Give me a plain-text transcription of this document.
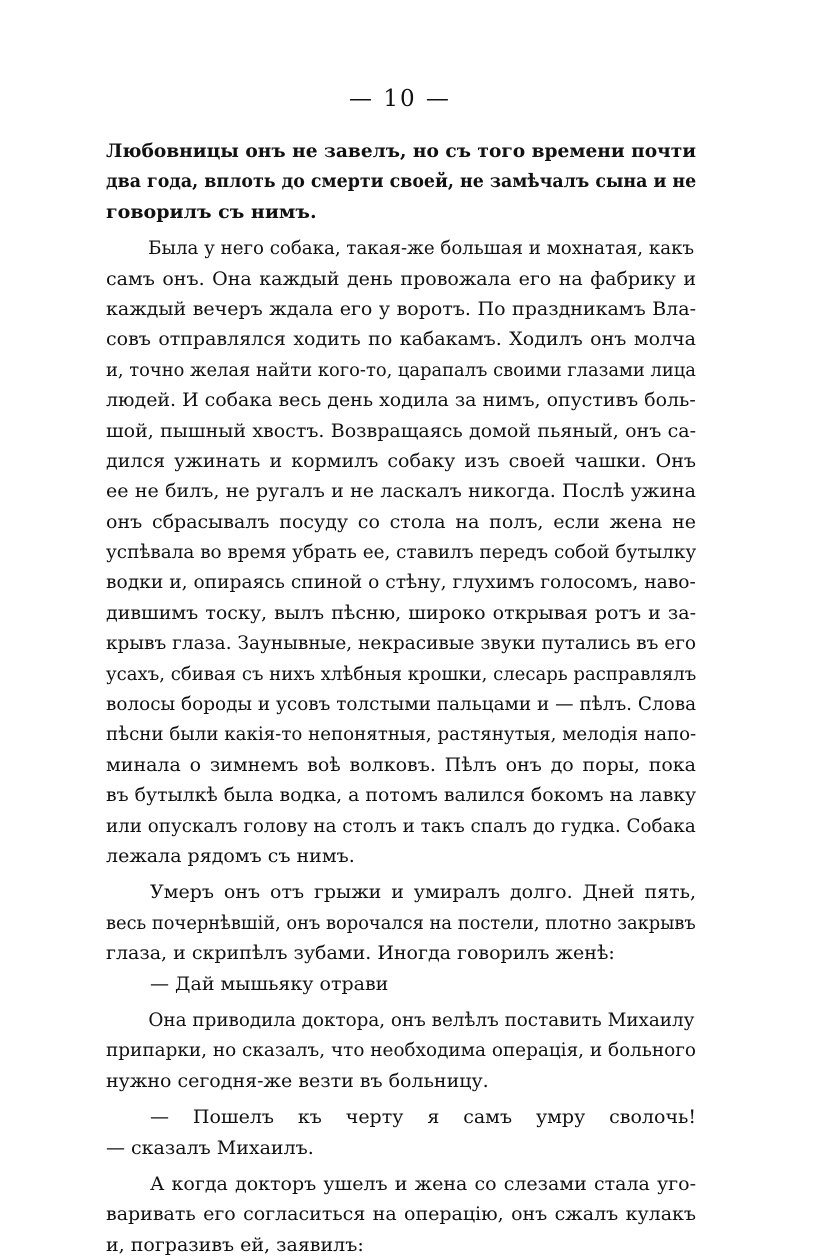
— 10 —
Любовницы онъ не завелъ, но съ того времени почти
два года, вплоть до смерти своей, не замѣчалъ сына и не
говорилъ съ нимъ.
Была у него собака, такая-же большая и мохнатая, какъ
самъ онъ. Она каждый день провожала его на фабрику и
каждый вечеръ ждала его у воротъ. По праздникамъ Вла-
совъ отправлялся ходить по кабакамъ. Ходилъ онъ молча
и, точно желая найти кого-то, царапалъ своими глазами лица
людей. И собака весь день ходила за нимъ, опустивъ боль-
шой, пышный хвостъ. Возвращаясь домой пьяный, онъ са-
дился ужинать и кормилъ собаку изъ своей чашки. Онъ
ее не билъ, не ругалъ и не ласкалъ никогда. Послѣ ужина
онъ сбрасывалъ посуду со стола на полъ, если жена не
успѣвала во время убрать ее, ставилъ передъ собой бутылку
водки и, опираясь спиной о стѣну, глухимъ голосомъ, наво-
дившимъ тоску, вылъ пѣсню, широко открывая ротъ и за-
крывъ глаза. Заунывные, некрасивые звуки путались въ его
усахъ, сбивая съ нихъ хлѣбныя крошки, слесарь расправлялъ
волосы бороды и усовъ толстыми пальцами и — пѣлъ. Слова
пѣсни были какія-то непонятныя, растянутыя, мелодія напо-
минала о зимнемъ воѣ волковъ. Пѣлъ онъ до поры, пока
въ бутылкѣ была водка, а потомъ валился бокомъ на лавку
или опускалъ голову на столъ и такъ спалъ до гудка. Собака
лежала рядомъ съ нимъ.
Умеръ онъ отъ грыжи и умиралъ долго. Дней пять,
весь почернѣвшій, онъ ворочался на постели, плотно закрывъ
глаза, и скрипѣлъ зубами. Иногда говорилъ женѣ:
— Дай мышьяку отрави
Она приводила доктора, онъ велѣлъ поставить Михаилу
припарки, но сказалъ, что необходима операція, и больного
нужно сегодня-же везти въ больницу.
— Пошелъ къ черту я самъ умру сволочь!
— сказалъ Михаилъ.
А когда докторъ ушелъ и жена со слезами стала уго-
варивать его согласиться на операцію, онъ сжалъ кулакъ
и, погразивъ ей, заявилъ:
